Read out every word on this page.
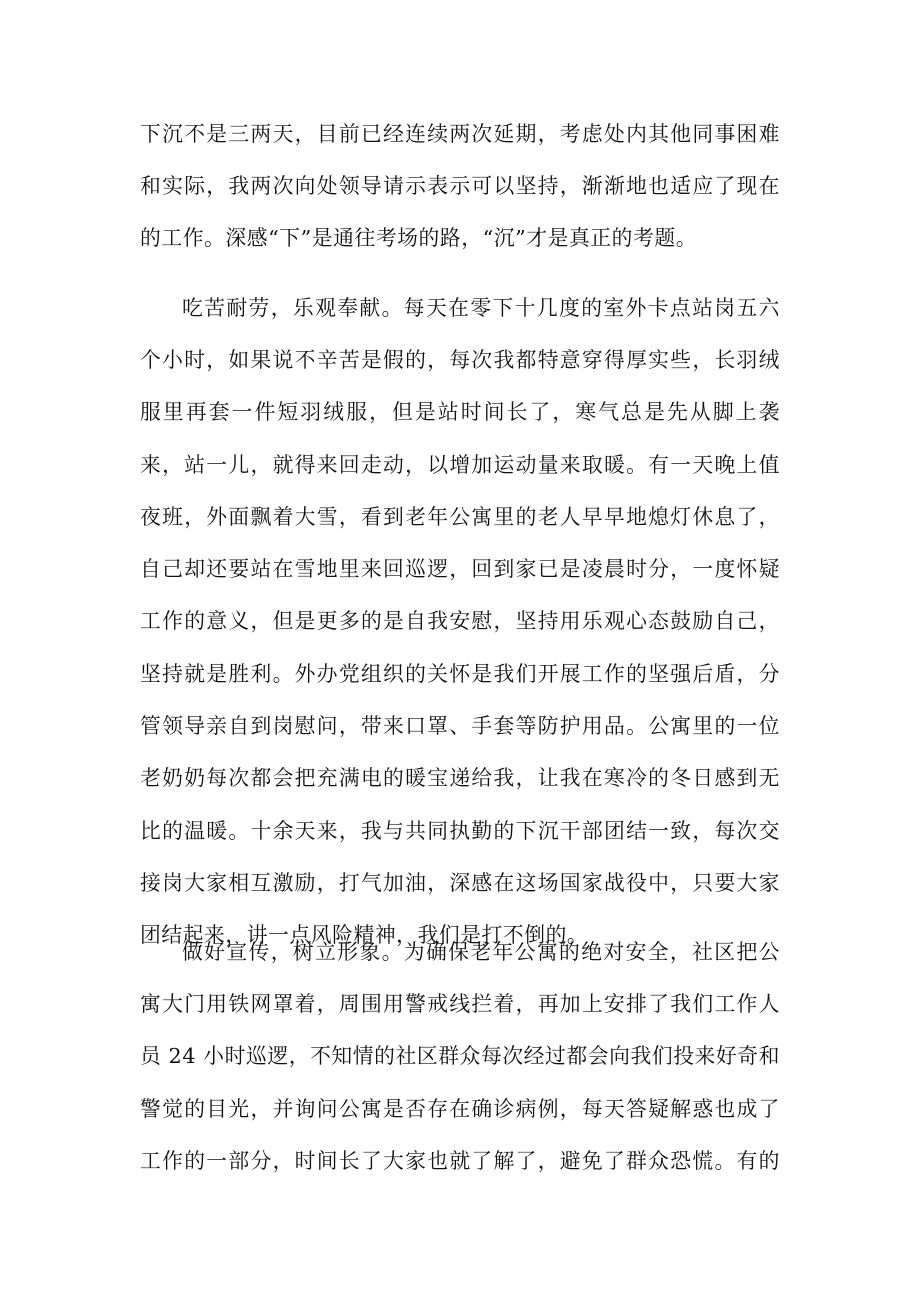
下沉不是三两天，目前已经连续两次延期，考虑处内其他同事困难
和实际，我两次向处领导请示表示可以坚持，渐渐地也适应了现在
的工作。深感“下”是通往考场的路，“沉”才是真正的考题。
吃苦耐劳，乐观奉献。每天在零下十几度的室外卡点站岗五六
个小时，如果说不辛苦是假的，每次我都特意穿得厚实些，长羽绒
服里再套一件短羽绒服，但是站时间长了，寒气总是先从脚上袭
来，站一儿，就得来回走动，以增加运动量来取暖。有一天晚上值
夜班，外面飘着大雪，看到老年公寓里的老人早早地熄灯休息了，
自己却还要站在雪地里来回巡逻，回到家已是凌晨时分，一度怀疑
工作的意义，但是更多的是自我安慰，坚持用乐观心态鼓励自己，
坚持就是胜利。外办党组织的关怀是我们开展工作的坚强后盾，分
管领导亲自到岗慰问，带来口罩、手套等防护用品。公寓里的一位
老奶奶每次都会把充满电的暖宝递给我，让我在寒冷的冬日感到无
比的温暖。十余天来，我与共同执勤的下沉干部团结一致，每次交
接岗大家相互激励，打气加油，深感在这场国家战役中，只要大家
团结起来，讲一点风险精神，我们是打不倒的。
做好宣传，树立形象。为确保老年公寓的绝对安全，社区把公
寓大门用铁网罩着，周围用警戒线拦着，再加上安排了我们工作人
员 24 小时巡逻，不知情的社区群众每次经过都会向我们投来好奇和
警觉的目光，并询问公寓是否存在确诊病例，每天答疑解惑也成了
工作的一部分，时间长了大家也就了解了，避免了群众恐慌。有的
